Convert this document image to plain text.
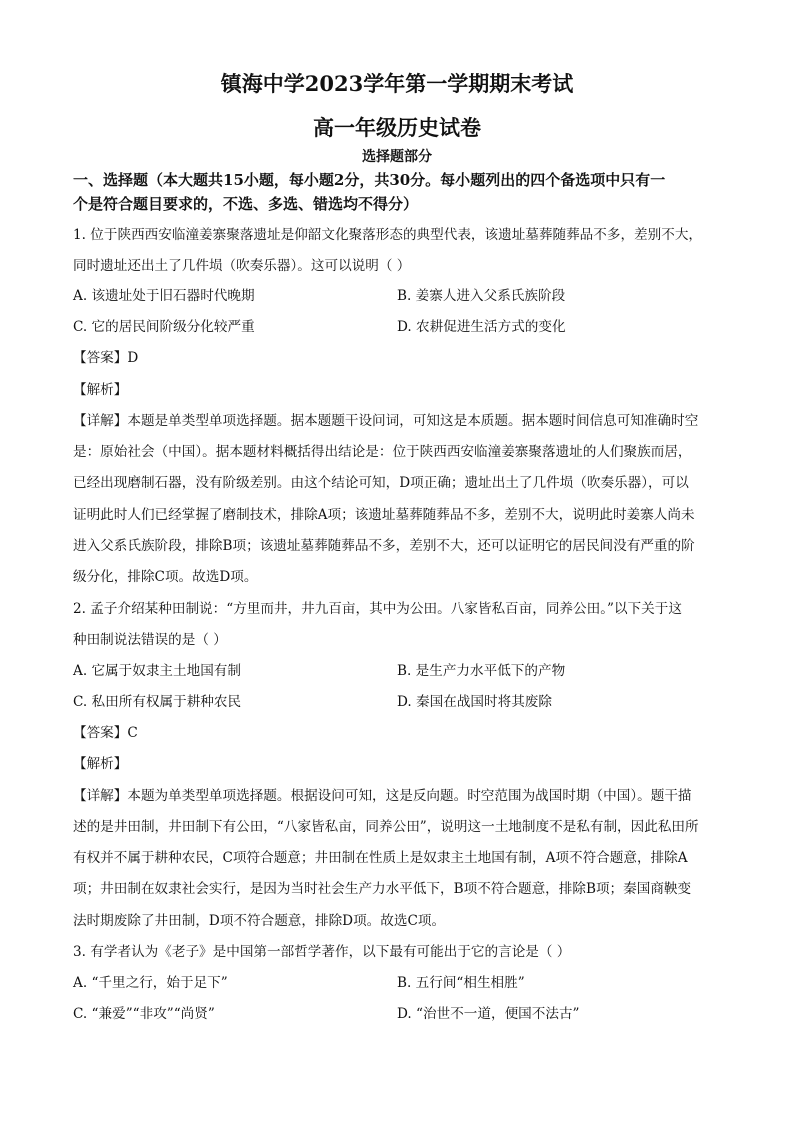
镇海中学2023学年第一学期期末考试
高一年级历史试卷
选择题部分
一、选择题（本大题共15小题，每小题2分，共30分。每小题列出的四个备选项中只有一
个是符合题目要求的，不选、多选、错选均不得分）
1. 位于陕西西安临潼姜寨聚落遗址是仰韶文化聚落形态的典型代表，该遗址墓葬随葬品不多，差别不大，
同时遗址还出土了几件埙（吹奏乐器）。这可以说明（ ）
A. 该遗址处于旧石器时代晚期	B. 姜寨人进入父系氏族阶段
C. 它的居民间阶级分化较严重	D. 农耕促进生活方式的变化
【答案】D
【解析】
【详解】本题是单类型单项选择题。据本题题干设问词，可知这是本质题。据本题时间信息可知准确时空
是：原始社会（中国）。据本题材料概括得出结论是：位于陕西西安临潼姜寨聚落遗址的人们聚族而居，
已经出现磨制石器，没有阶级差别。由这个结论可知，D项正确；遗址出土了几件埙（吹奏乐器），可以
证明此时人们已经掌握了磨制技术，排除A项；该遗址墓葬随葬品不多，差别不大，说明此时姜寨人尚未
进入父系氏族阶段，排除B项；该遗址墓葬随葬品不多，差别不大，还可以证明它的居民间没有严重的阶
级分化，排除C项。故选D项。
2. 孟子介绍某种田制说：“方里而井，井九百亩，其中为公田。八家皆私百亩，同养公田。”以下关于这
种田制说法错误的是（ ）
A. 它属于奴隶主土地国有制	B. 是生产力水平低下的产物
C. 私田所有权属于耕种农民	D. 秦国在战国时将其废除
【答案】C
【解析】
【详解】本题为单类型单项选择题。根据设问可知，这是反向题。时空范围为战国时期（中国）。题干描
述的是井田制，井田制下有公田，“八家皆私亩，同养公田”，说明这一土地制度不是私有制，因此私田所
有权并不属于耕种农民，C项符合题意；井田制在性质上是奴隶主土地国有制，A项不符合题意，排除A
项；井田制在奴隶社会实行，是因为当时社会生产力水平低下，B项不符合题意，排除B项；秦国商鞅变
法时期废除了井田制，D项不符合题意，排除D项。故选C项。
3. 有学者认为《老子》是中国第一部哲学著作，以下最有可能出于它的言论是（ ）
A. “千里之行，始于足下”	B. 五行间“相生相胜”
C. “兼爱”“非攻”“尚贤”	D. “治世不一道，便国不法古”
